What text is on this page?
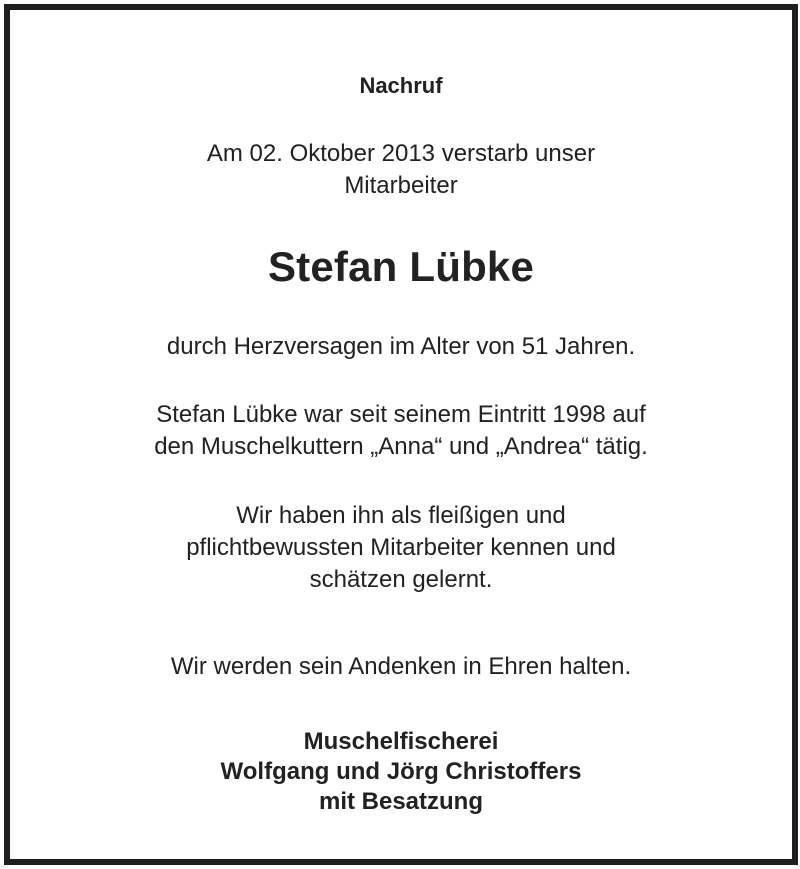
Nachruf
Am 02. Oktober 2013 verstarb unser
Mitarbeiter
Stefan Lübke
durch Herzversagen im Alter von 51 Jahren.
Stefan Lübke war seit seinem Eintritt 1998 auf
den Muschelkuttern „Anna“ und „Andrea“ tätig.
Wir haben ihn als fleißigen und
pflichtbewussten Mitarbeiter kennen und
schätzen gelernt.
Wir werden sein Andenken in Ehren halten.
Muschelfischerei
Wolfgang und Jörg Christoffers
mit Besatzung
